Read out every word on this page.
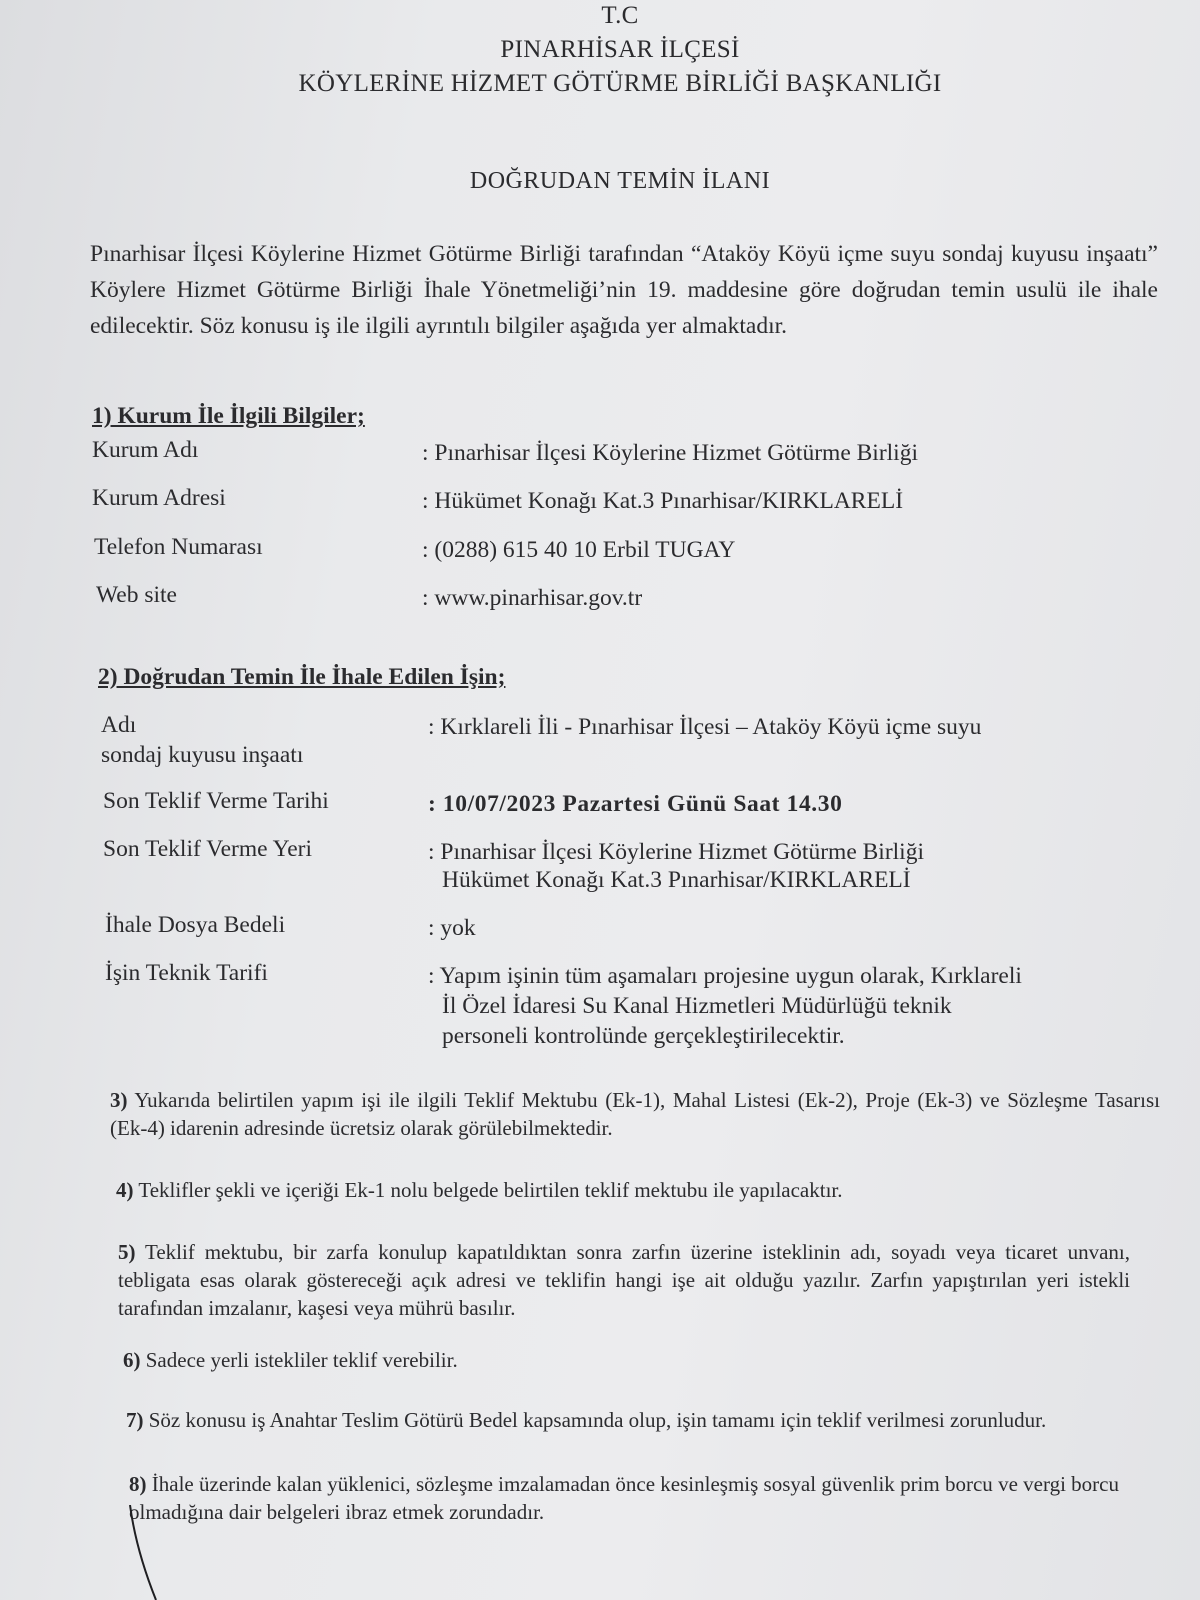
T.C
PINARHİSAR İLÇESİ
KÖYLERİNE HİZMET GÖTÜRME BİRLİĞİ BAŞKANLIĞI
DOĞRUDAN TEMİN İLANI
Pınarhisar İlçesi Köylerine Hizmet Götürme Birliği tarafından “Ataköy Köyü içme suyu sondaj kuyusu inşaatı” Köylere Hizmet Götürme Birliği İhale Yönetmeliği’nin 19. maddesine göre doğrudan temin usulü ile ihale edilecektir. Söz konusu iş ile ilgili ayrıntılı bilgiler aşağıda yer almaktadır.
1) Kurum İle İlgili Bilgiler;
Kurum Adı	: Pınarhisar İlçesi Köylerine Hizmet Götürme Birliği
Kurum Adresi	: Hükümet Konağı Kat.3 Pınarhisar/KIRKLARELİ
Telefon Numarası	: (0288) 615 40 10 Erbil TUGAY
Web site	: www.pinarhisar.gov.tr
2) Doğrudan Temin İle İhale Edilen İşin;
Adı	: Kırklareli İli - Pınarhisar İlçesi – Ataköy Köyü içme suyu
sondaj kuyusu inşaatı
Son Teklif Verme Tarihi	: 10/07/2023 Pazartesi Günü Saat 14.30
Son Teklif Verme Yeri	: Pınarhisar İlçesi Köylerine Hizmet Götürme Birliği
Hükümet Konağı Kat.3 Pınarhisar/KIRKLARELİ
İhale Dosya Bedeli	: yok
İşin Teknik Tarifi	: Yapım işinin tüm aşamaları projesine uygun olarak, Kırklareli
İl Özel İdaresi Su Kanal Hizmetleri Müdürlüğü teknik
personeli kontrolünde gerçekleştirilecektir.
3) Yukarıda belirtilen yapım işi ile ilgili Teklif Mektubu (Ek-1), Mahal Listesi (Ek-2), Proje (Ek-3) ve Sözleşme Tasarısı (Ek-4) idarenin adresinde ücretsiz olarak görülebilmektedir.
4) Teklifler şekli ve içeriği Ek-1 nolu belgede belirtilen teklif mektubu ile yapılacaktır.
5) Teklif mektubu, bir zarfa konulup kapatıldıktan sonra zarfın üzerine isteklinin adı, soyadı veya ticaret unvanı, tebligata esas olarak göstereceği açık adresi ve teklifin hangi işe ait olduğu yazılır. Zarfın yapıştırılan yeri istekli tarafından imzalanır, kaşesi veya mührü basılır.
6) Sadece yerli istekliler teklif verebilir.
7) Söz konusu iş Anahtar Teslim Götürü Bedel kapsamında olup, işin tamamı için teklif verilmesi zorunludur.
8) İhale üzerinde kalan yüklenici, sözleşme imzalamadan önce kesinleşmiş sosyal güvenlik prim borcu ve vergi borcu olmadığına dair belgeleri ibraz etmek zorundadır.
